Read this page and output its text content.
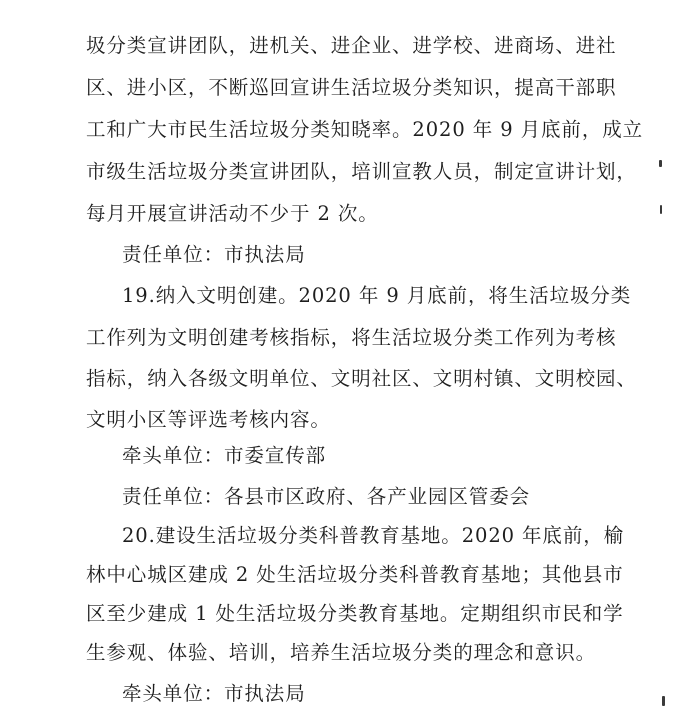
圾分类宣讲团队，进机关、进企业、进学校、进商场、进社
区、进小区，不断巡回宣讲生活垃圾分类知识，提高干部职
工和广大市民生活垃圾分类知晓率。2020 年 9 月底前，成立
市级生活垃圾分类宣讲团队，培训宣教人员，制定宣讲计划，
每月开展宣讲活动不少于 2 次。
责任单位：市执法局
19.纳入文明创建。2020 年 9 月底前，将生活垃圾分类
工作列为文明创建考核指标，将生活垃圾分类工作列为考核
指标，纳入各级文明单位、文明社区、文明村镇、文明校园、
文明小区等评选考核内容。
牵头单位：市委宣传部
责任单位：各县市区政府、各产业园区管委会
20.建设生活垃圾分类科普教育基地。2020 年底前，榆
林中心城区建成 2 处生活垃圾分类科普教育基地；其他县市
区至少建成 1 处生活垃圾分类教育基地。定期组织市民和学
生参观、体验、培训，培养生活垃圾分类的理念和意识。
牵头单位：市执法局
